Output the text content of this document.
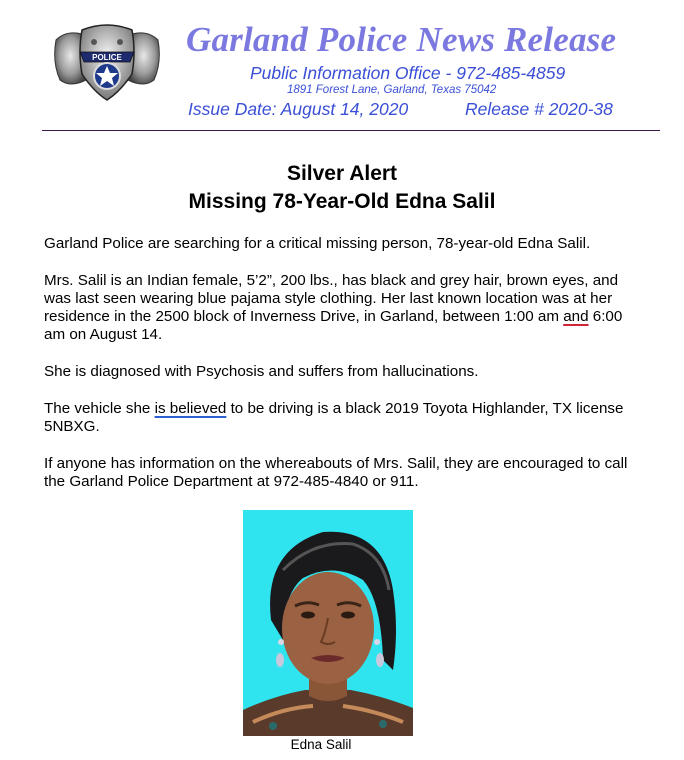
POLICE Garland Police News Release
Public Information Office - 972-485-4859
1891 Forest Lane, Garland, Texas 75042
Issue Date: August 14, 2020	Release # 2020-38
Silver Alert
Missing 78-Year-Old Edna Salil
Garland Police are searching for a critical missing person, 78-year-old Edna Salil.
Mrs. Salil is an Indian female, 5’2”, 200 lbs., has black and grey hair, brown eyes, and was last seen wearing blue pajama style clothing. Her last known location was at her residence in the 2500 block of Inverness Drive, in Garland, between 1:00 am and 6:00 am on August 14.
She is diagnosed with Psychosis and suffers from hallucinations.
The vehicle she is believed to be driving is a black 2019 Toyota Highlander, TX license 5NBXG.
If anyone has information on the whereabouts of Mrs. Salil, they are encouraged to call the Garland Police Department at 972-485-4840 or 911.
Edna Salil
